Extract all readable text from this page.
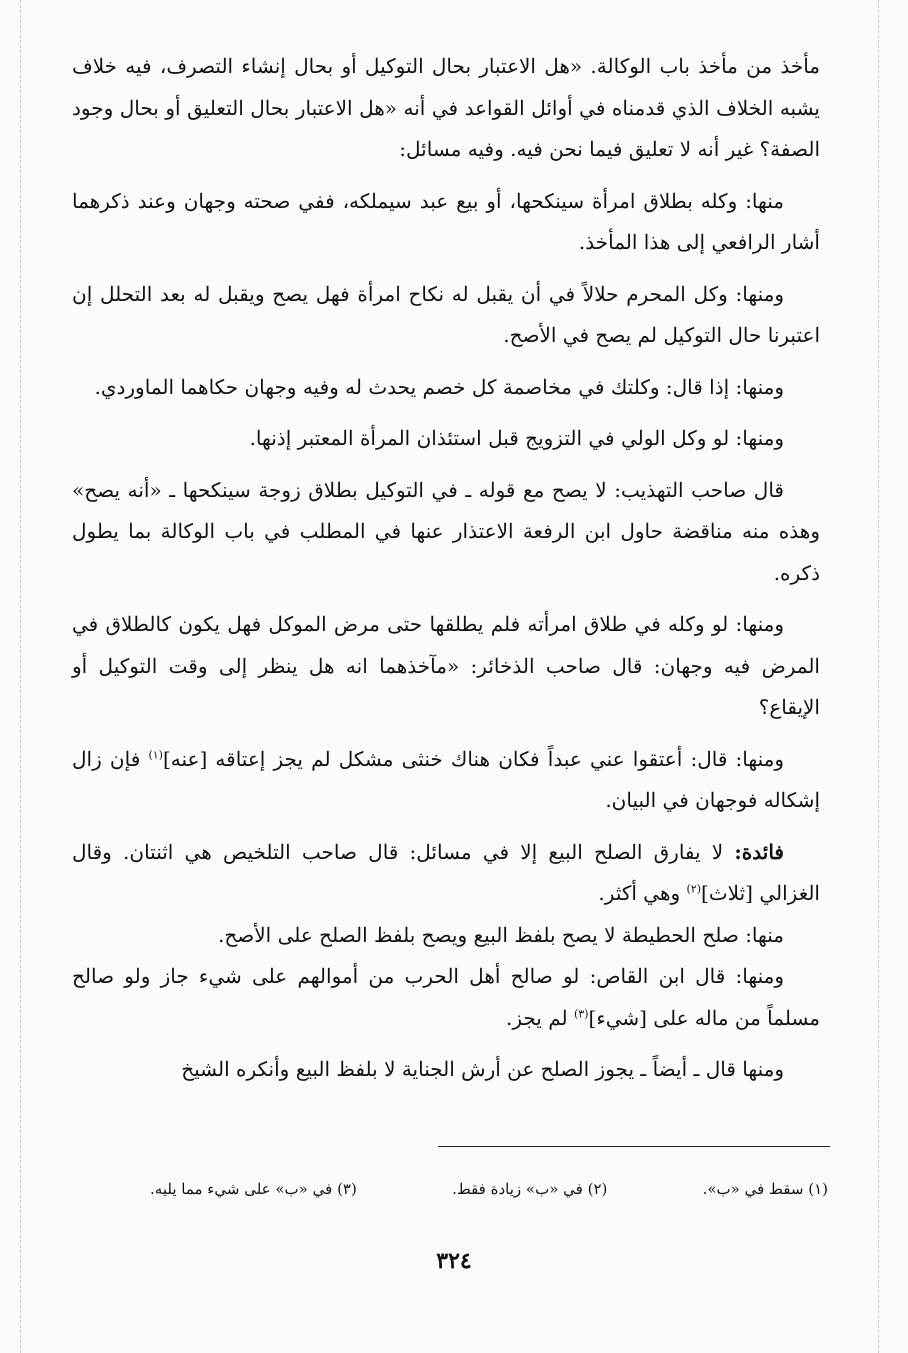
مأخذ من مأخذ باب الوكالة. «هل الاعتبار بحال التوكيل أو بحال إنشاء التصرف، فيه خلاف يشبه الخلاف الذي قدمناه في أوائل القواعد في أنه «هل الاعتبار بحال التعليق أو بحال وجود الصفة؟ غير أنه لا تعليق فيما نحن فيه. وفيه مسائل:

منها: وكله بطلاق امرأة سينكحها، أو بيع عبد سيملكه، ففي صحته وجهان وعند ذكرهما أشار الرافعي إلى هذا المأخذ.

ومنها: وكل المحرم حلالاً في أن يقبل له نكاح امرأة فهل يصح ويقبل له بعد التحلل إن اعتبرنا حال التوكيل لم يصح في الأصح.

ومنها: إذا قال: وكلتك في مخاصمة كل خصم يحدث له وفيه وجهان حكاهما الماوردي.

ومنها: لو وكل الولي في التزويج قبل استئذان المرأة المعتبر إذنها.

قال صاحب التهذيب: لا يصح مع قوله ـ في التوكيل بطلاق زوجة سينكحها ـ «أنه يصح» وهذه منه مناقضة حاول ابن الرفعة الاعتذار عنها في المطلب في باب الوكالة بما يطول ذكره.

ومنها: لو وكله في طلاق امرأته فلم يطلقها حتى مرض الموكل فهل يكون كالطلاق في المرض فيه وجهان: قال صاحب الذخائر: «مآخذهما انه هل ينظر إلى وقت التوكيل أو الإيقاع؟

ومنها: قال: أعتقوا عني عبداً فكان هناك خنثى مشكل لم يجز إعتاقه [عنه]$^{(١)}$ فإن زال إشكاله فوجهان في البيان.

فائدة: لا يفارق الصلح البيع إلا في مسائل: قال صاحب التلخيص هي اثنتان. وقال الغزالي [ثلاث]$^{(٢)}$ وهي أكثر.

منها: صلح الحطيطة لا يصح بلفظ البيع ويصح بلفظ الصلح على الأصح.

ومنها: قال ابن القاص: لو صالح أهل الحرب من أموالهم على شيء جاز ولو صالح مسلماً من ماله على [شيء]$^{(٣)}$ لم يجز.

ومنها قال ـ أيضاً ـ يجوز الصلح عن أرش الجناية لا بلفظ البيع وأنكره الشيخ

(١) سقط في «ب».
(٢) في «ب» زيادة فقط.
(٣) في «ب» على شيء مما يليه.
٣٢٤
